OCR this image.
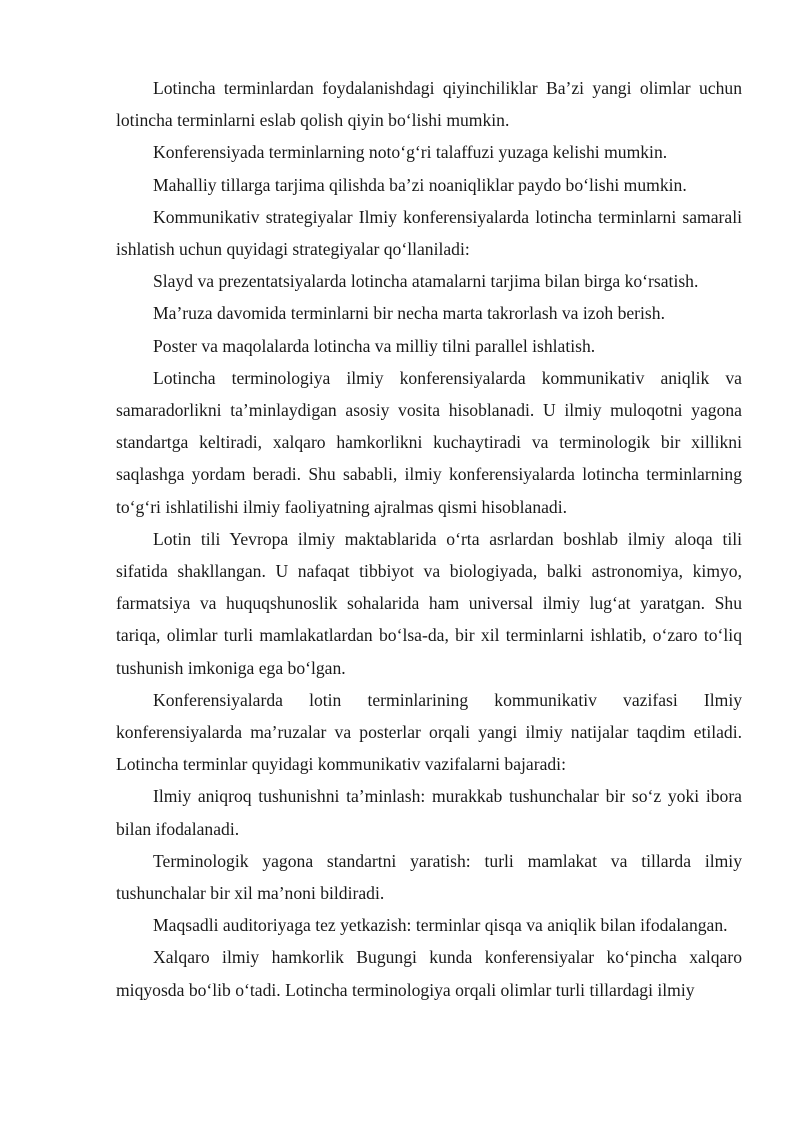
Lotincha terminlardan foydalanishdagi qiyinchiliklar Ba’zi yangi olimlar uchun lotincha terminlarni eslab qolish qiyin bo‘lishi mumkin.

Konferensiyada terminlarning noto‘g‘ri talaffuzi yuzaga kelishi mumkin.

Mahalliy tillarga tarjima qilishda ba’zi noaniqliklar paydo bo‘lishi mumkin.

Kommunikativ strategiyalar Ilmiy konferensiyalarda lotincha terminlarni samarali ishlatish uchun quyidagi strategiyalar qo‘llaniladi:

Slayd va prezentatsiyalarda lotincha atamalarni tarjima bilan birga ko‘rsatish.

Ma’ruza davomida terminlarni bir necha marta takrorlash va izoh berish.

Poster va maqolalarda lotincha va milliy tilni parallel ishlatish.

Lotincha terminologiya ilmiy konferensiyalarda kommunikativ aniqlik va samaradorlikni ta’minlaydigan asosiy vosita hisoblanadi. U ilmiy muloqotni yagona standartga keltiradi, xalqaro hamkorlikni kuchaytiradi va terminologik bir xillikni saqlashga yordam beradi. Shu sababli, ilmiy konferensiyalarda lotincha terminlarning to‘g‘ri ishlatilishi ilmiy faoliyatning ajralmas qismi hisoblanadi.

Lotin tili Yevropa ilmiy maktablarida o‘rta asrlardan boshlab ilmiy aloqa tili sifatida shakllangan. U nafaqat tibbiyot va biologiyada, balki astronomiya, kimyo, farmatsiya va huquqshunoslik sohalarida ham universal ilmiy lug‘at yaratgan. Shu tariqa, olimlar turli mamlakatlardan bo‘lsa-da, bir xil terminlarni ishlatib, o‘zaro to‘liq tushunish imkoniga ega bo‘lgan.

Konferensiyalarda lotin terminlarining kommunikativ vazifasi Ilmiy konferensiyalarda ma’ruzalar va posterlar orqali yangi ilmiy natijalar taqdim etiladi. Lotincha terminlar quyidagi kommunikativ vazifalarni bajaradi:

Ilmiy aniqroq tushunishni ta’minlash: murakkab tushunchalar bir so‘z yoki ibora bilan ifodalanadi.

Terminologik yagona standartni yaratish: turli mamlakat va tillarda ilmiy tushunchalar bir xil ma’noni bildiradi.

Maqsadli auditoriyaga tez yetkazish: terminlar qisqa va aniqlik bilan ifodalangan.

Xalqaro ilmiy hamkorlik Bugungi kunda konferensiyalar ko‘pincha xalqaro miqyosda bo‘lib o‘tadi. Lotincha terminologiya orqali olimlar turli tillardagi ilmiy
